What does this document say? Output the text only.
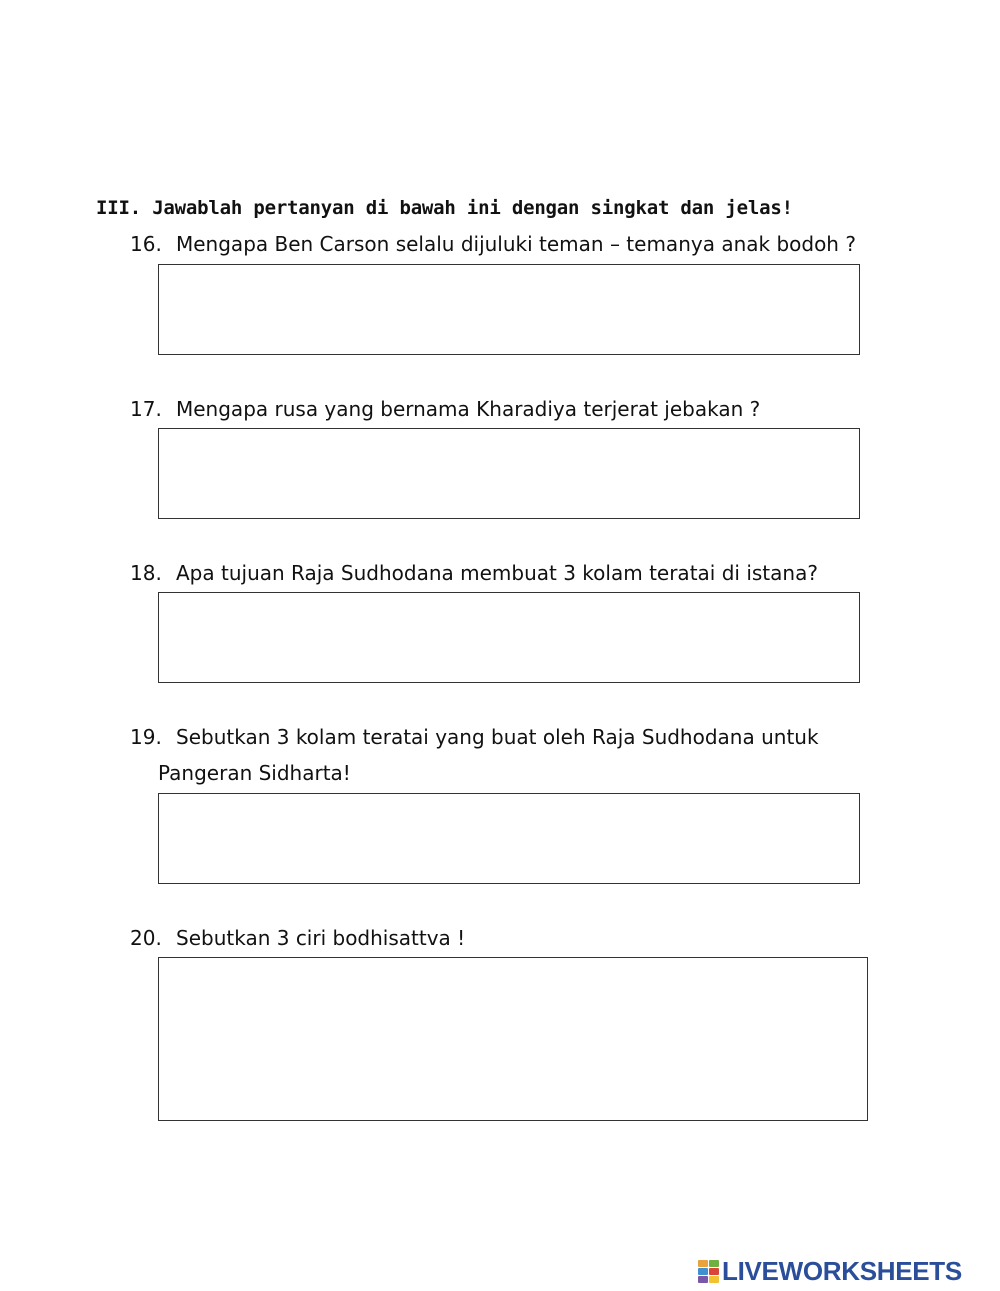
III. Jawablah pertanyan di bawah ini dengan singkat dan jelas!
16. Mengapa Ben Carson selalu dijuluki teman – temanya anak bodoh ?
17. Mengapa rusa yang bernama Kharadiya terjerat jebakan ?
18. Apa tujuan Raja Sudhodana membuat 3 kolam teratai di istana?
19. Sebutkan 3 kolam teratai yang buat oleh Raja Sudhodana untuk
Pangeran Sidharta!
20. Sebutkan 3 ciri bodhisattva !
LIVEWORKSHEETS
